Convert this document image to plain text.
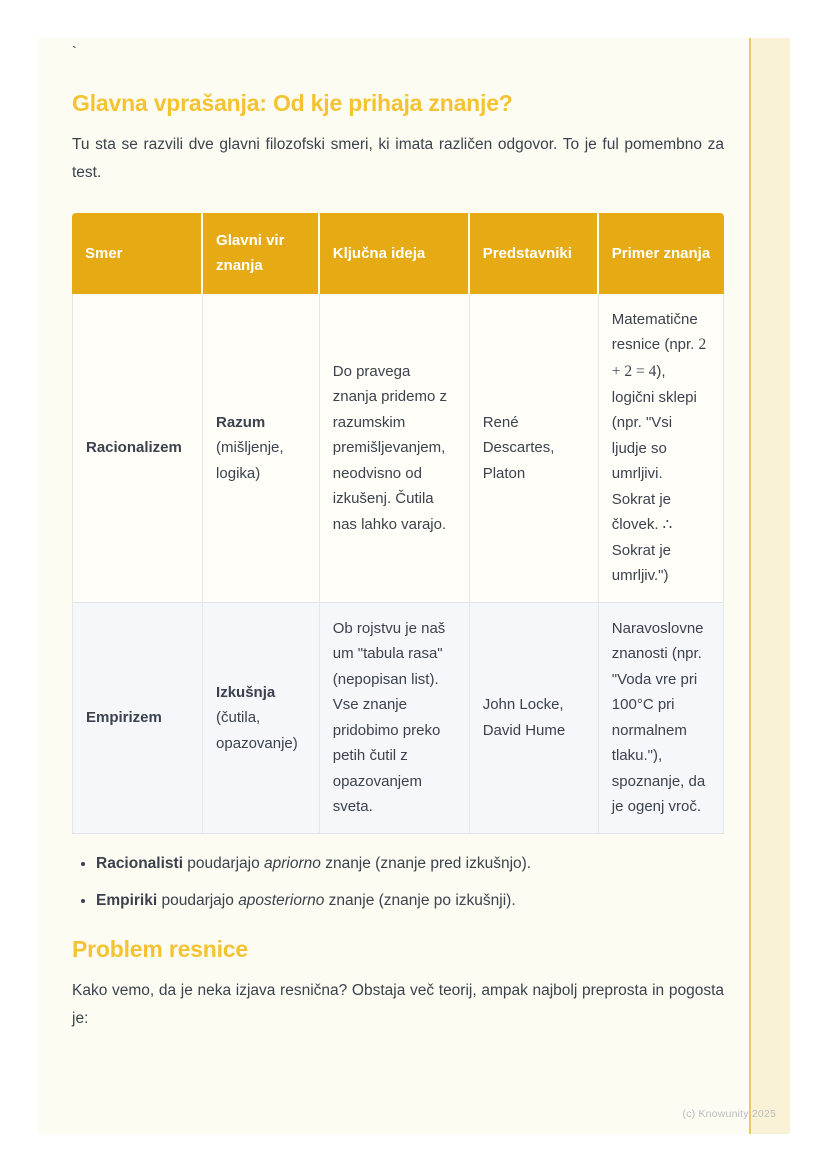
`
Glavna vprašanja: Od kje prihaja znanje?

Tu sta se razvili dve glavni filozofski smeri, ki imata različen odgovor. To je ful pomembno za test.

Smer	Glavni vir znanja	Ključna ideja	Predstavniki	Primer znanja
Racionalizem	Razum (mišljenje, logika)	Do pravega znanja pridemo z razumskim premišljevanjem, neodvisno od izkušenj. Čutila nas lahko varajo.	René Descartes, Platon	Matematične resnice (npr. 2 + 2 = 4), logični sklepi (npr. "Vsi ljudje so umrljivi. Sokrat je človek. ∴ Sokrat je umrljiv.")
Empirizem	Izkušnja (čutila, opazovanje)	Ob rojstvu je naš um "tabula rasa" (nepopisan list). Vse znanje pridobimo preko petih čutil z opazovanjem sveta.	John Locke, David Hume	Naravoslovne znanosti (npr. "Voda vre pri 100°C pri normalnem tlaku."), spoznanje, da je ogenj vroč.
• Racionalisti poudarjajo apriorno znanje (znanje pred izkušnjo).
• Empiriki poudarjajo aposteriorno znanje (znanje po izkušnji).
Problem resnice

Kako vemo, da je neka izjava resnična? Obstaja več teorij, ampak najbolj preprosta in pogosta je:

(c) Knowunity 2025
